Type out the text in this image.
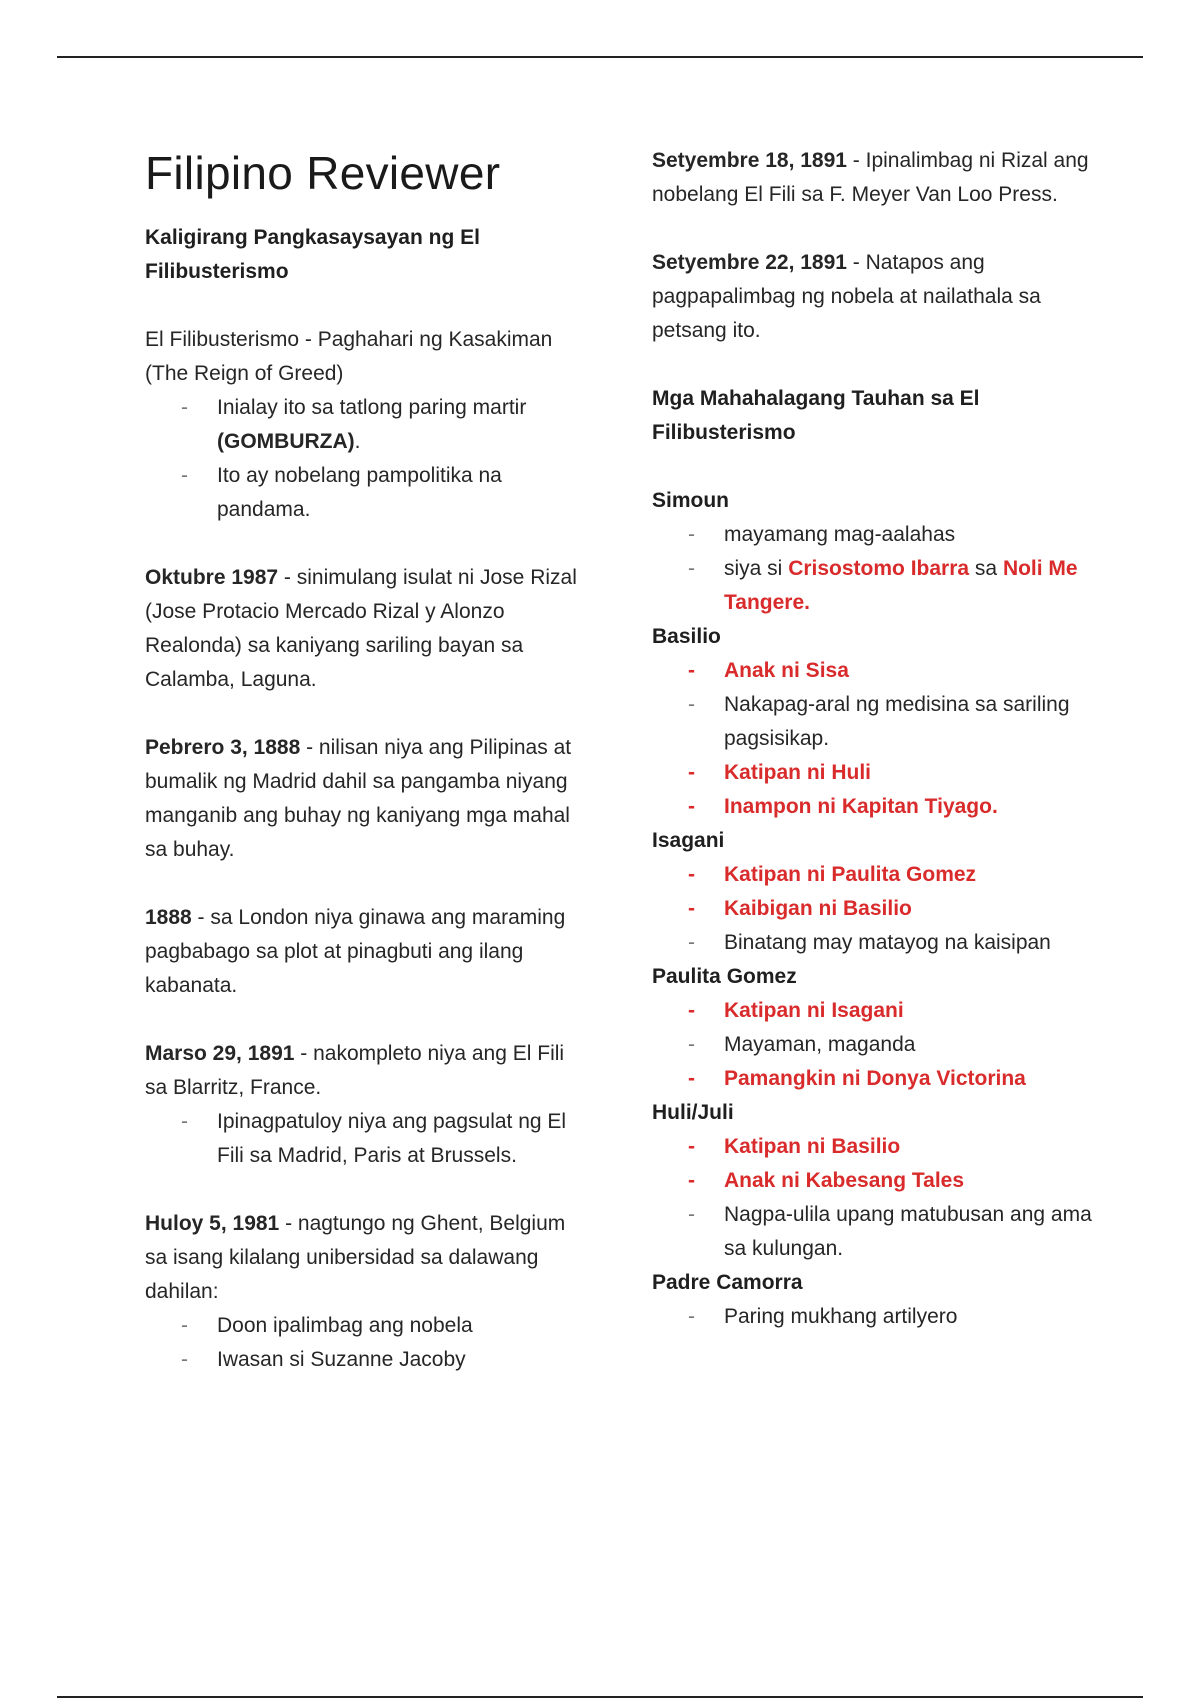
Filipino Reviewer
Kaligirang Pangkasaysayan ng El Filibusterismo
El Filibusterismo - Paghahari ng Kasakiman (The Reign of Greed)
- Inialay ito sa tatlong paring martir (GOMBURZA).
- Ito ay nobelang pampolitika na pandama.
Oktubre 1987 - sinimulang isulat ni Jose Rizal (Jose Protacio Mercado Rizal y Alonzo Realonda) sa kaniyang sariling bayan sa Calamba, Laguna.
Pebrero 3, 1888 - nilisan niya ang Pilipinas at bumalik ng Madrid dahil sa pangamba niyang manganib ang buhay ng kaniyang mga mahal sa buhay.
1888 - sa London niya ginawa ang maraming pagbabago sa plot at pinagbuti ang ilang kabanata.
Marso 29, 1891 - nakompleto niya ang El Fili sa Blarritz, France.
- Ipinagpatuloy niya ang pagsulat ng El Fili sa Madrid, Paris at Brussels.
Huloy 5, 1981 - nagtungo ng Ghent, Belgium sa isang kilalang unibersidad sa dalawang dahilan:
- Doon ipalimbag ang nobela
- Iwasan si Suzanne Jacoby
Setyembre 18, 1891 - Ipinalimbag ni Rizal ang nobelang El Fili sa F. Meyer Van Loo Press.
Setyembre 22, 1891 - Natapos ang pagpapalimbag ng nobela at nailathala sa petsang ito.
Mga Mahahalagang Tauhan sa El Filibusterismo
Simoun
- mayamang mag-aalahas
- siya si Crisostomo Ibarra sa Noli Me Tangere.
Basilio
- Anak ni Sisa
- Nakapag-aral ng medisina sa sariling pagsisikap.
- Katipan ni Huli
- Inampon ni Kapitan Tiyago.
Isagani
- Katipan ni Paulita Gomez
- Kaibigan ni Basilio
- Binatang may matayog na kaisipan
Paulita Gomez
- Katipan ni Isagani
- Mayaman, maganda
- Pamangkin ni Donya Victorina
Huli/Juli
- Katipan ni Basilio
- Anak ni Kabesang Tales
- Nagpa-ulila upang matubusan ang ama sa kulungan.
Padre Camorra
- Paring mukhang artilyero
